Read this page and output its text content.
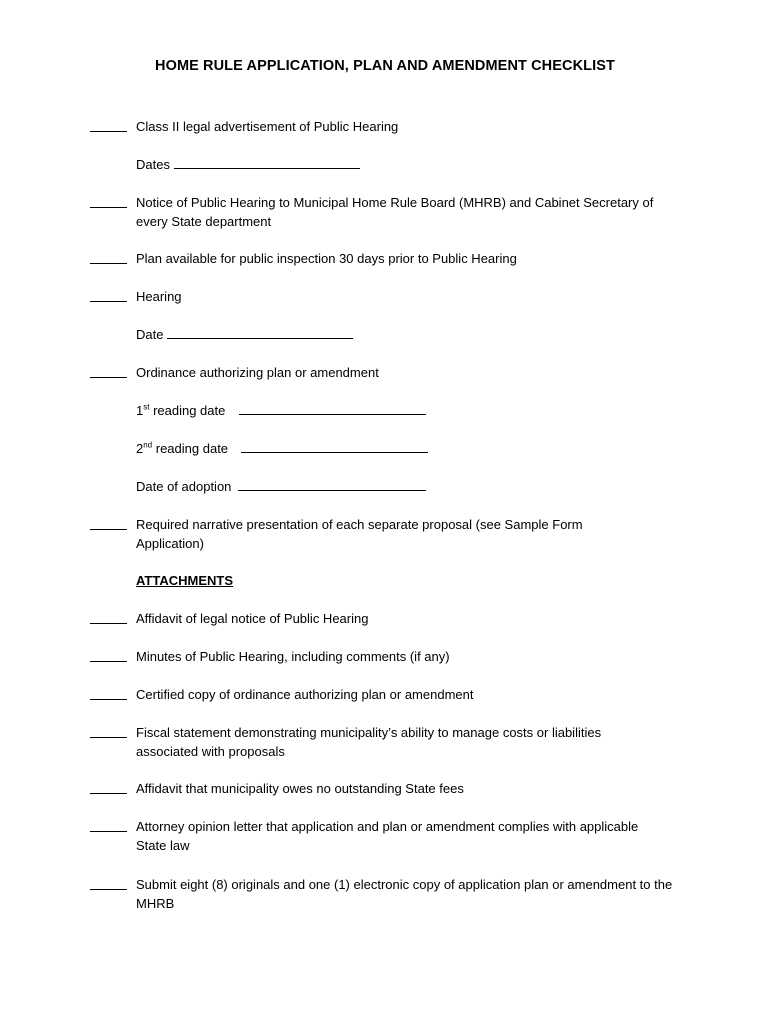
HOME RULE APPLICATION, PLAN AND AMENDMENT CHECKLIST
Class II legal advertisement of Public Hearing
Dates
Notice of Public Hearing to Municipal Home Rule Board (MHRB) and Cabinet Secretary of every State department
Plan available for public inspection 30 days prior to Public Hearing
Hearing
Date
Ordinance authorizing plan or amendment
1st reading date
2nd reading date
Date of adoption
Required narrative presentation of each separate proposal (see Sample Form Application)
ATTACHMENTS
Affidavit of legal notice of Public Hearing
Minutes of Public Hearing, including comments (if any)
Certified copy of ordinance authorizing plan or amendment
Fiscal statement demonstrating municipality’s ability to manage costs or liabilities associated with proposals
Affidavit that municipality owes no outstanding State fees
Attorney opinion letter that application and plan or amendment complies with applicable State law
Submit eight (8) originals and one (1) electronic copy of application plan or amendment to the MHRB
